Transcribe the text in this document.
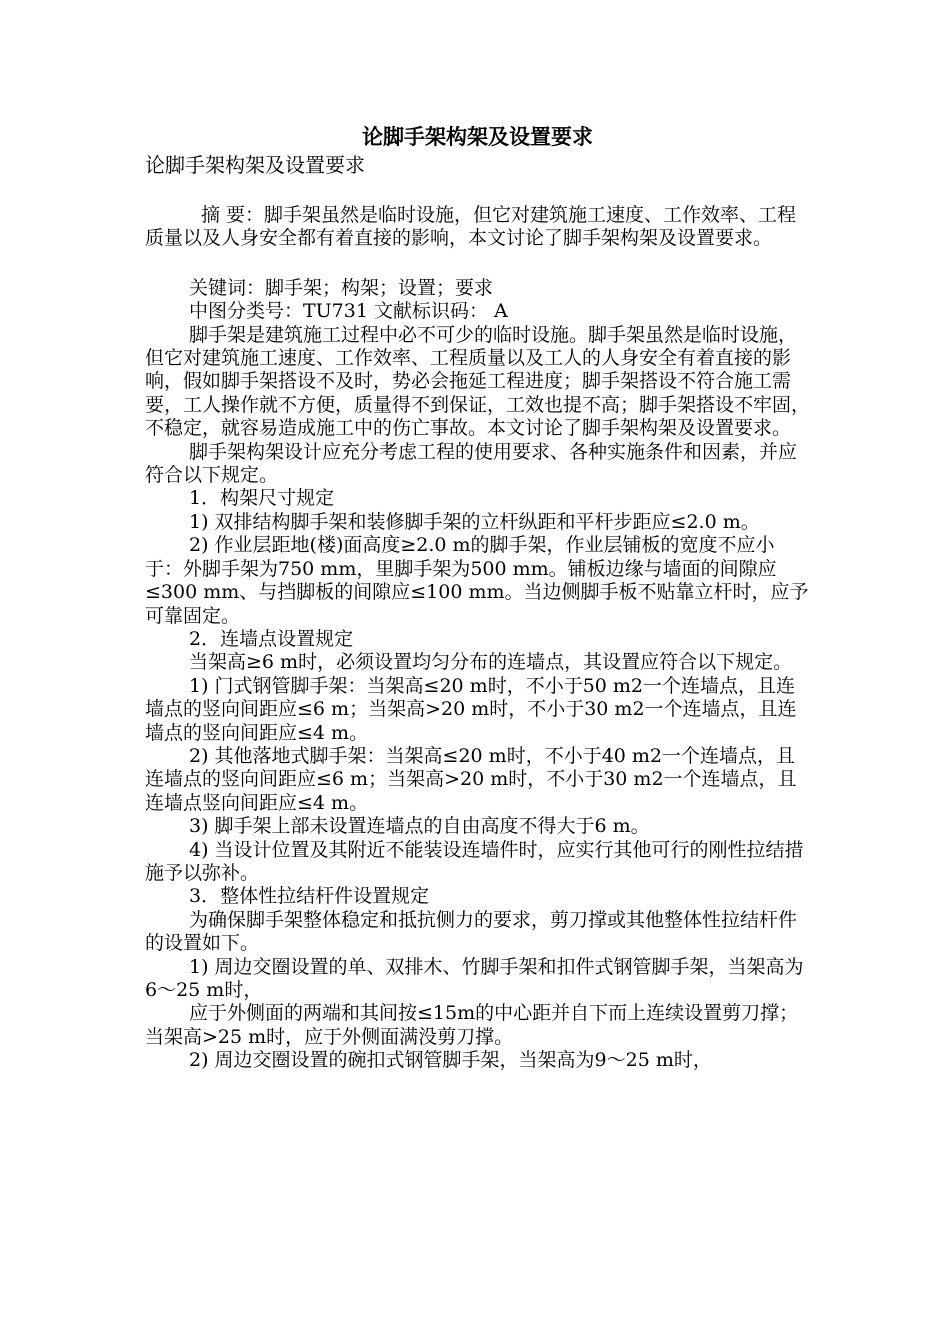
论脚手架构架及设置要求

论脚手架构架及设置要求

摘 要：脚手架虽然是临时设施，但它对建筑施工速度、工作效率、工程质量以及人身安全都有着直接的影响，本文讨论了脚手架构架及设置要求。

关键词：脚手架；构架；设置；要求

中图分类号：TU731 文献标识码： A

脚手架是建筑施工过程中必不可少的临时设施。脚手架虽然是临时设施，但它对建筑施工速度、工作效率、工程质量以及工人的人身安全有着直接的影响，假如脚手架搭设不及时，势必会拖延工程进度；脚手架搭设不符合施工需要，工人操作就不方便，质量得不到保证，工效也提不高；脚手架搭设不牢固，不稳定，就容易造成施工中的伤亡事故。本文讨论了脚手架构架及设置要求。

脚手架构架设计应充分考虑工程的使用要求、各种实施条件和因素，并应符合以下规定。

1．构架尺寸规定

1) 双排结构脚手架和装修脚手架的立杆纵距和平杆步距应≤2.0 m。

2) 作业层距地(楼)面高度≥2.0 m的脚手架，作业层铺板的宽度不应小于：外脚手架为750 mm，里脚手架为500 mm。铺板边缘与墙面的间隙应≤300 mm、与挡脚板的间隙应≤100 mm。当边侧脚手板不贴靠立杆时，应予可靠固定。

2．连墙点设置规定

当架高≥6 m时，必须设置均匀分布的连墙点，其设置应符合以下规定。

1) 门式钢管脚手架：当架高≤20 m时，不小于50 m2一个连墙点，且连墙点的竖向间距应≤6 m；当架高>20 m时，不小于30 m2一个连墙点，且连墙点的竖向间距应≤4 m。

2) 其他落地式脚手架：当架高≤20 m时，不小于40 m2一个连墙点，且连墙点的竖向间距应≤6 m；当架高>20 m时，不小于30 m2一个连墙点，且连墙点竖向间距应≤4 m。

3) 脚手架上部未设置连墙点的自由高度不得大于6 m。

4) 当设计位置及其附近不能装设连墙件时，应实行其他可行的刚性拉结措施予以弥补。

3．整体性拉结杆件设置规定

为确保脚手架整体稳定和抵抗侧力的要求，剪刀撑或其他整体性拉结杆件的设置如下。

1) 周边交圈设置的单、双排木、竹脚手架和扣件式钢管脚手架，当架高为6～25 m时，

应于外侧面的两端和其间按≤15m的中心距并自下而上连续设置剪刀撑；当架高>25 m时，应于外侧面满没剪刀撑。

2) 周边交圈设置的碗扣式钢管脚手架，当架高为9～25 m时，
